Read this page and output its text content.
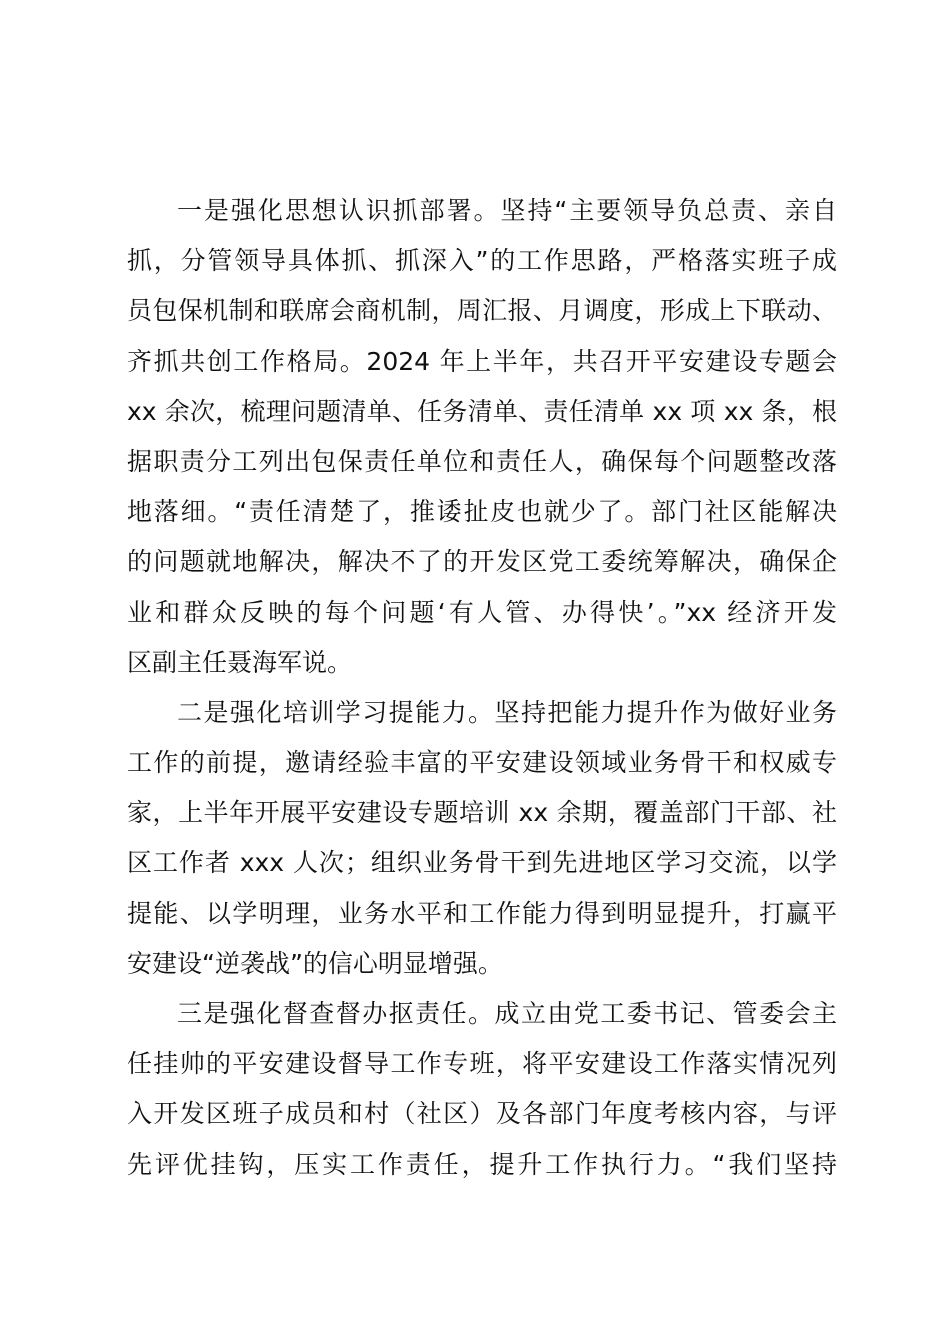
一是强化思想认识抓部署。坚持“主要领导负总责、亲自
抓，分管领导具体抓、抓深入”的工作思路，严格落实班子成
员包保机制和联席会商机制，周汇报、月调度，形成上下联动、
齐抓共创工作格局。2024 年上半年，共召开平安建设专题会
xx 余次，梳理问题清单、任务清单、责任清单 xx 项 xx 条，根
据职责分工列出包保责任单位和责任人，确保每个问题整改落
地落细。“责任清楚了，推诿扯皮也就少了。部门社区能解决
的问题就地解决，解决不了的开发区党工委统筹解决，确保企
业和群众反映的每个问题‘有人管、办得快’。”xx 经济开发
区副主任聂海军说。
二是强化培训学习提能力。坚持把能力提升作为做好业务
工作的前提，邀请经验丰富的平安建设领域业务骨干和权威专
家，上半年开展平安建设专题培训 xx 余期，覆盖部门干部、社
区工作者 xxx 人次；组织业务骨干到先进地区学习交流，以学
提能、以学明理，业务水平和工作能力得到明显提升，打赢平
安建设“逆袭战”的信心明显增强。
三是强化督查督办抠责任。成立由党工委书记、管委会主
任挂帅的平安建设督导工作专班，将平安建设工作落实情况列
入开发区班子成员和村（社区）及各部门年度考核内容，与评
先评优挂钩，压实工作责任，提升工作执行力。“我们坚持
